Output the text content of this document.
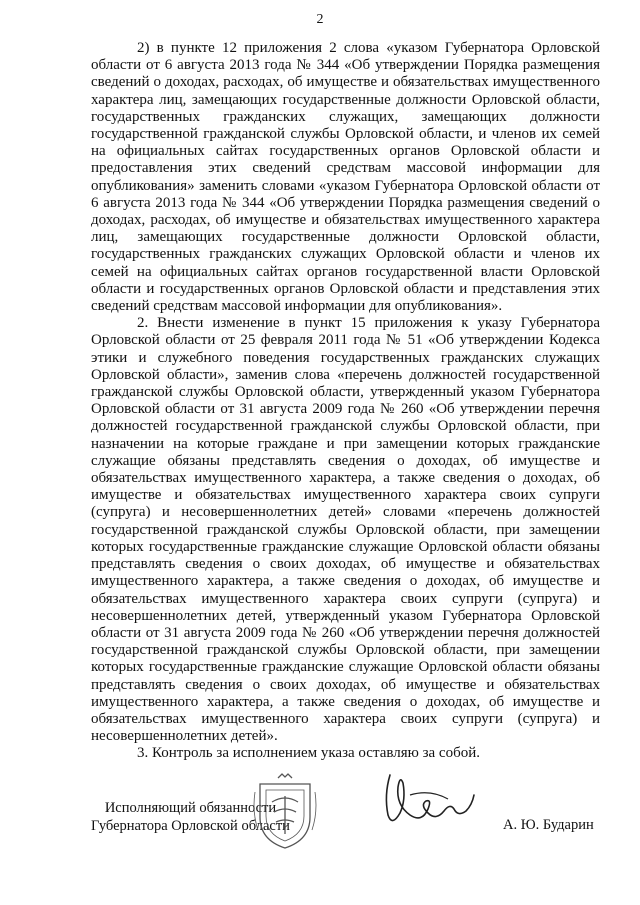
2

2) в пункте 12 приложения 2 слова «указом Губернатора Орловской области от 6 августа 2013 года № 344 «Об утверждении Порядка размещения сведений о доходах, расходах, об имуществе и обязательствах имущественного характера лиц, замещающих государственные должности Орловской области, государственных гражданских служащих, замещающих должности государственной гражданской службы Орловской области, и членов их семей на официальных сайтах государственных органов Орловской области и предоставления этих сведений средствам массовой информации для опубликования» заменить словами «указом Губернатора Орловской области от 6 августа 2013 года № 344 «Об утверждении Порядка размещения сведений о доходах, расходах, об имуществе и обязательствах имущественного характера лиц, замещающих государственные должности Орловской области, государственных гражданских служащих Орловской области и членов их семей на официальных сайтах органов государственной власти Орловской области и государственных органов Орловской области и представления этих сведений средствам массовой информации для опубликования».

2. Внести изменение в пункт 15 приложения к указу Губернатора Орловской области от 25 февраля 2011 года № 51 «Об утверждении Кодекса этики и служебного поведения государственных гражданских служащих Орловской области», заменив слова «перечень должностей государственной гражданской службы Орловской области, утвержденный указом Губернатора Орловской области от 31 августа 2009 года № 260 «Об утверждении перечня должностей государственной гражданской службы Орловской области, при назначении на которые граждане и при замещении которых гражданские служащие обязаны представлять сведения о доходах, об имуществе и обязательствах имущественного характера, а также сведения о доходах, об имуществе и обязательствах имущественного характера своих супруги (супруга) и несовершеннолетних детей» словами «перечень должностей государственной гражданской службы Орловской области, при замещении которых государственные гражданские служащие Орловской области обязаны представлять сведения о своих доходах, об имуществе и обязательствах имущественного характера, а также сведения о доходах, об имуществе и обязательствах имущественного характера своих супруги (супруга) и несовершеннолетних детей, утвержденный указом Губернатора Орловской области от 31 августа 2009 года № 260 «Об утверждении перечня должностей государственной гражданской службы Орловской области, при замещении которых государственные гражданские служащие Орловской области обязаны представлять сведения о своих доходах, об имуществе и обязательствах имущественного характера, а также сведения о доходах, об имуществе и обязательствах имущественного характера своих супруги (супруга) и несовершеннолетних детей».

3. Контроль за исполнением указа оставляю за собой.

Исполняющий обязанности
Губернатора Орловской области	А. Ю. Бударин
